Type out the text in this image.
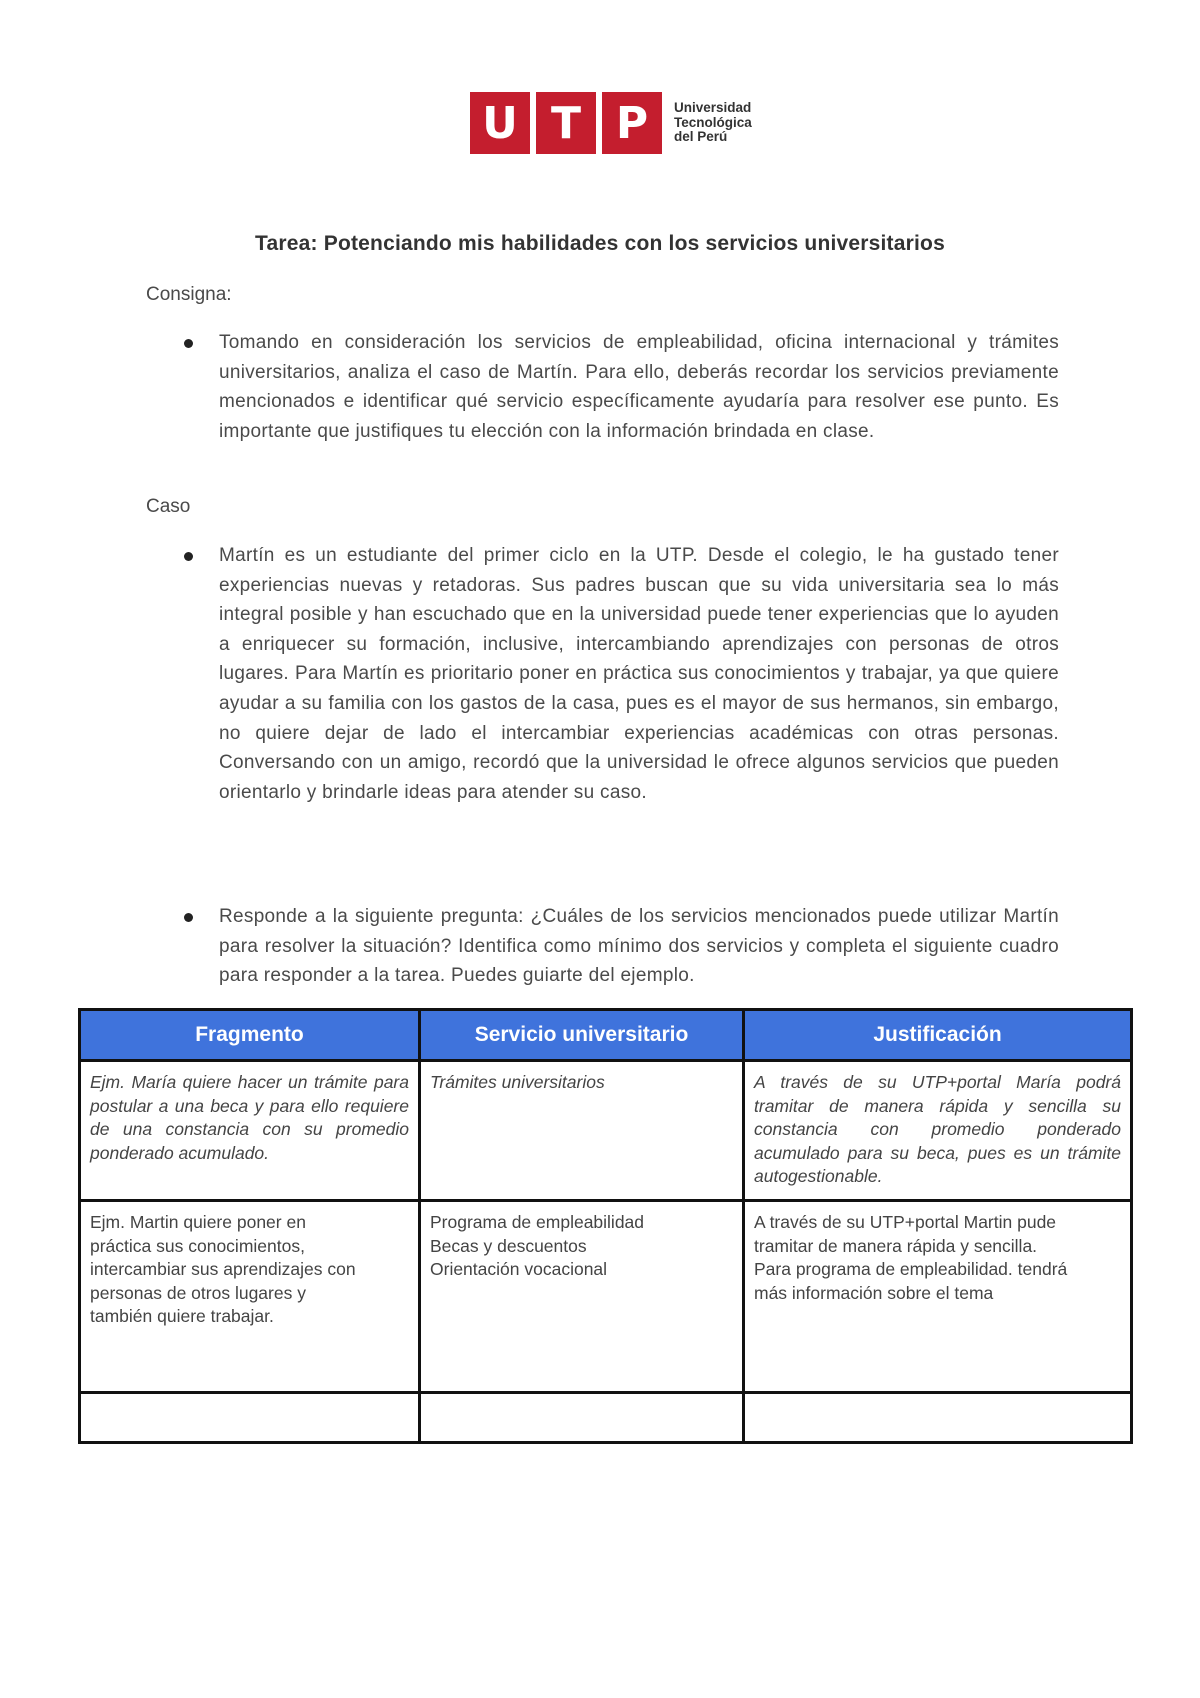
U T P	Universidad
Tecnológica
del Perú
Tarea: Potenciando mis habilidades con los servicios universitarios
Consigna:
Tomando en consideración los servicios de empleabilidad, oficina internacional y trámites universitarios, analiza el caso de Martín. Para ello, deberás recordar los servicios previamente mencionados e identificar qué servicio específicamente ayudaría para resolver ese punto. Es importante que justifiques tu elección con la información brindada en clase.
Caso
Martín es un estudiante del primer ciclo en la UTP. Desde el colegio, le ha gustado tener experiencias nuevas y retadoras. Sus padres buscan que su vida universitaria sea lo más integral posible y han escuchado que en la universidad puede tener experiencias que lo ayuden a enriquecer su formación, inclusive, intercambiando aprendizajes con personas de otros lugares. Para Martín es prioritario poner en práctica sus conocimientos y trabajar, ya que quiere ayudar a su familia con los gastos de la casa, pues es el mayor de sus hermanos, sin embargo, no quiere dejar de lado el intercambiar experiencias académicas con otras personas. Conversando con un amigo, recordó que la universidad le ofrece algunos servicios que pueden orientarlo y brindarle ideas para atender su caso.
Responde a la siguiente pregunta: ¿Cuáles de los servicios mencionados puede utilizar Martín para resolver la situación? Identifica como mínimo dos servicios y completa el siguiente cuadro para responder a la tarea. Puedes guiarte del ejemplo.
Fragmento	Servicio universitario	Justificación
Ejm. María quiere hacer un trámite para postular a una beca y para ello requiere de una constancia con su promedio ponderado acumulado.	Trámites universitarios	A través de su UTP+portal María podrá tramitar de manera rápida y sencilla su constancia con promedio ponderado acumulado para su beca, pues es un trámite autogestionable.

Ejm. Martin quiere poner en
práctica sus conocimientos,
intercambiar sus aprendizajes con
personas de otros lugares y
también quiere trabajar.	Programa de empleabilidad
Becas y descuentos
Orientación vocacional	A través de su UTP+portal Martin pude
tramitar de manera rápida y sencilla.
Para programa de empleabilidad. tendrá
más información sobre el tema
